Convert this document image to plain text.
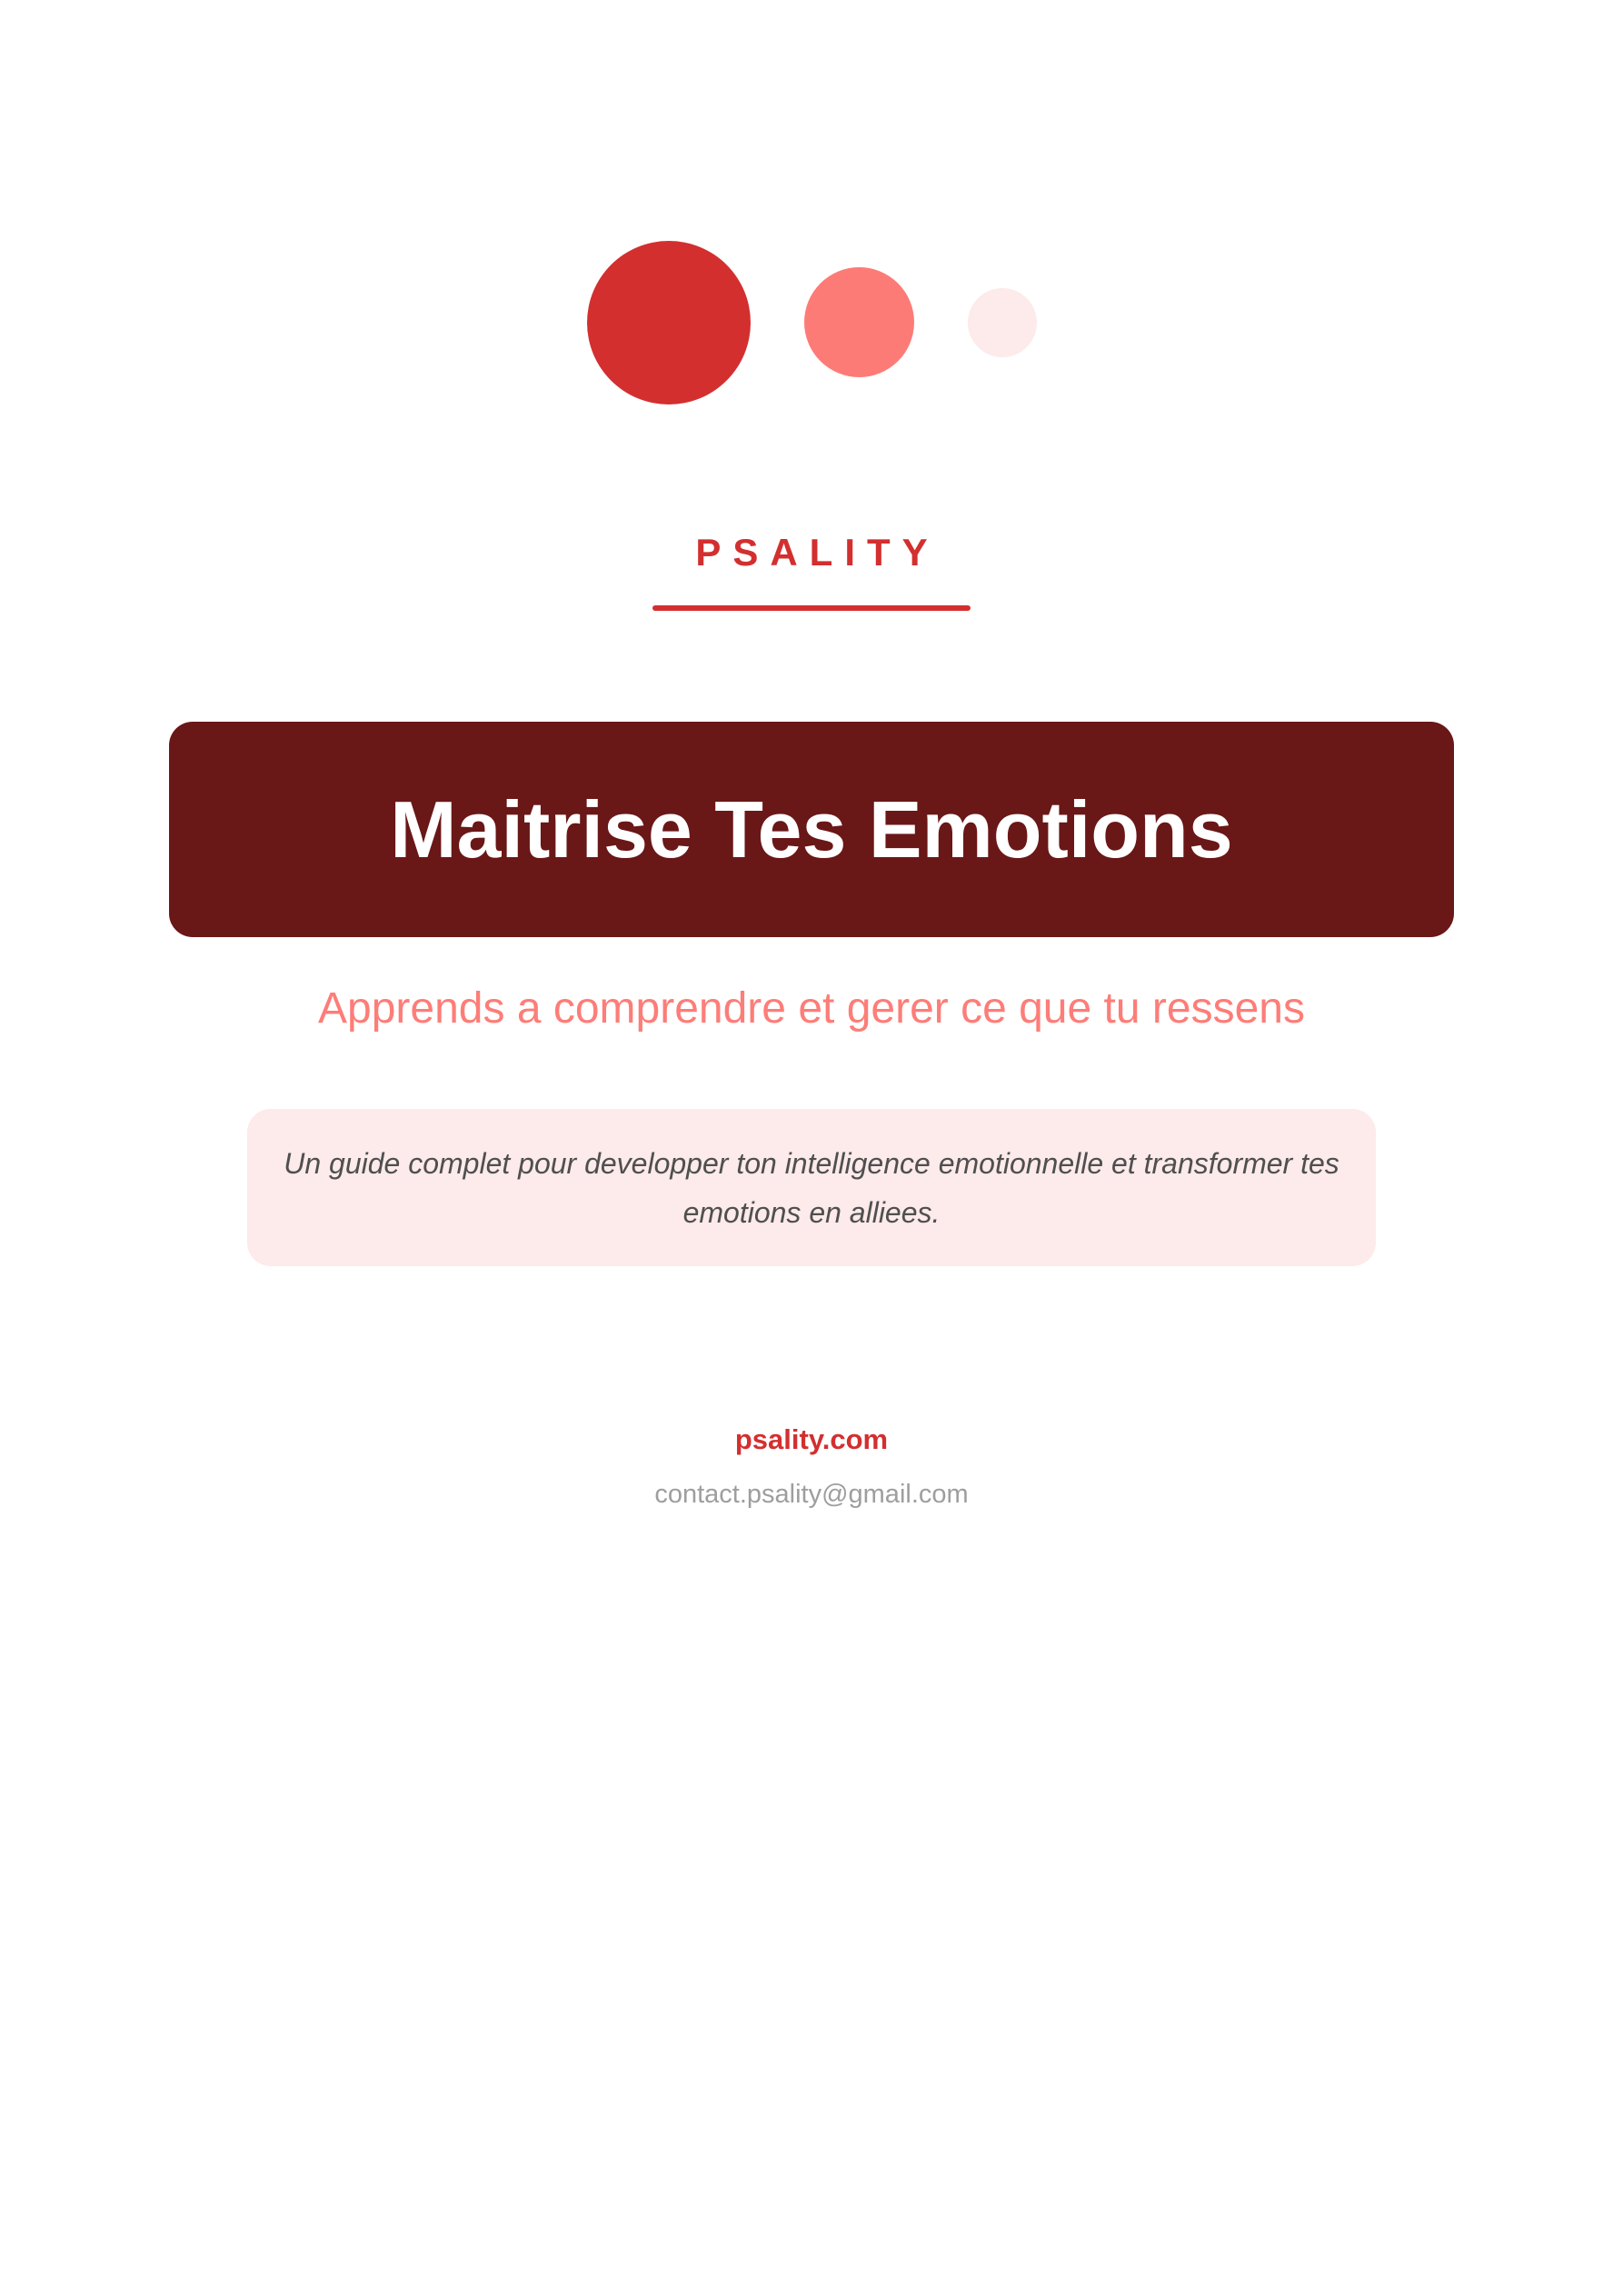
PSALITY
Maitrise Tes Emotions
Apprends a comprendre et gerer ce que tu ressens
Un guide complet pour developper ton intelligence emotionnelle et transformer tes
emotions en alliees.
psality.com
contact.psality@gmail.com
